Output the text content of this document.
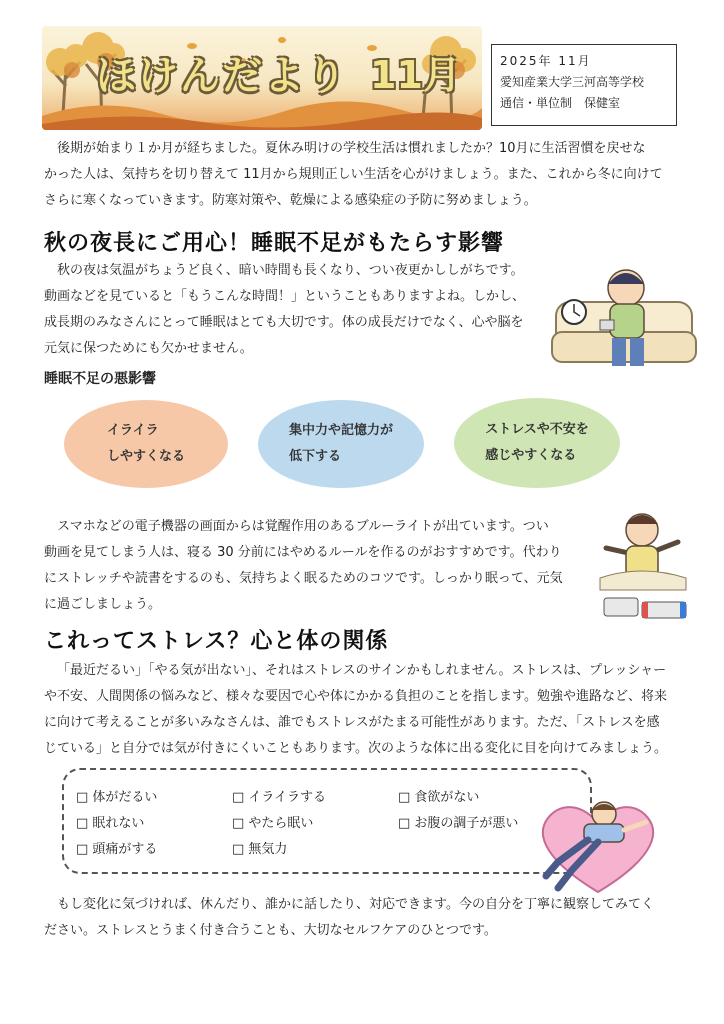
ほけんだより 11月	2025年 11月
愛知産業大学三河高等学校
通信・単位制　保健室
後期が始まり１か月が経ちました。夏休み明けの学校生活は慣れましたか？10月に生活習慣を戻せな
かった人は、気持ちを切り替えて 11月から規則正しい生活を心がけましょう。また、これから冬に向けて
さらに寒くなっていきます。防寒対策や、乾燥による感染症の予防に努めましょう。
秋の夜長にご用心！睡眠不足がもたらす影響
秋の夜は気温がちょうど良く、暗い時間も長くなり、つい夜更かししがちです。
動画などを見ていると「もうこんな時間！」ということもありますよね。しかし、
成長期のみなさんにとって睡眠はとても大切です。体の成長だけでなく、心や脳を
元気に保つためにも欠かせません。
睡眠不足の悪影響
イライラ
しやすくなる
集中力や記憶力が
低下する
ストレスや不安を
感じやすくなる
スマホなどの電子機器の画面からは覚醒作用のあるブルーライトが出ています。つい
動画を見てしまう人は、寝る 30 分前にはやめるルールを作るのがおすすめです。代わり
にストレッチや読書をするのも、気持ちよく眠るためのコツです。しっかり眠って、元気
に過ごしましょう。
これってストレス？心と体の関係
「最近だるい」「やる気が出ない」、それはストレスのサインかもしれません。ストレスは、プレッシャー
や不安、人間関係の悩みなど、様々な要因で心や体にかかる負担のことを指します。勉強や進路など、将来
に向けて考えることが多いみなさんは、誰でもストレスがたまる可能性があります。ただ、「ストレスを感
じている」と自分では気が付きにくいこともあります。次のような体に出る変化に目を向けてみましょう。
□ 体がだるい	□ イライラする	□ 食欲がない
□ 眠れない	□ やたら眠い	□ お腹の調子が悪い
□ 頭痛がする	□ 無気力
もし変化に気づければ、休んだり、誰かに話したり、対応できます。今の自分を丁寧に観察してみてく
ださい。ストレスとうまく付き合うことも、大切なセルフケアのひとつです。
